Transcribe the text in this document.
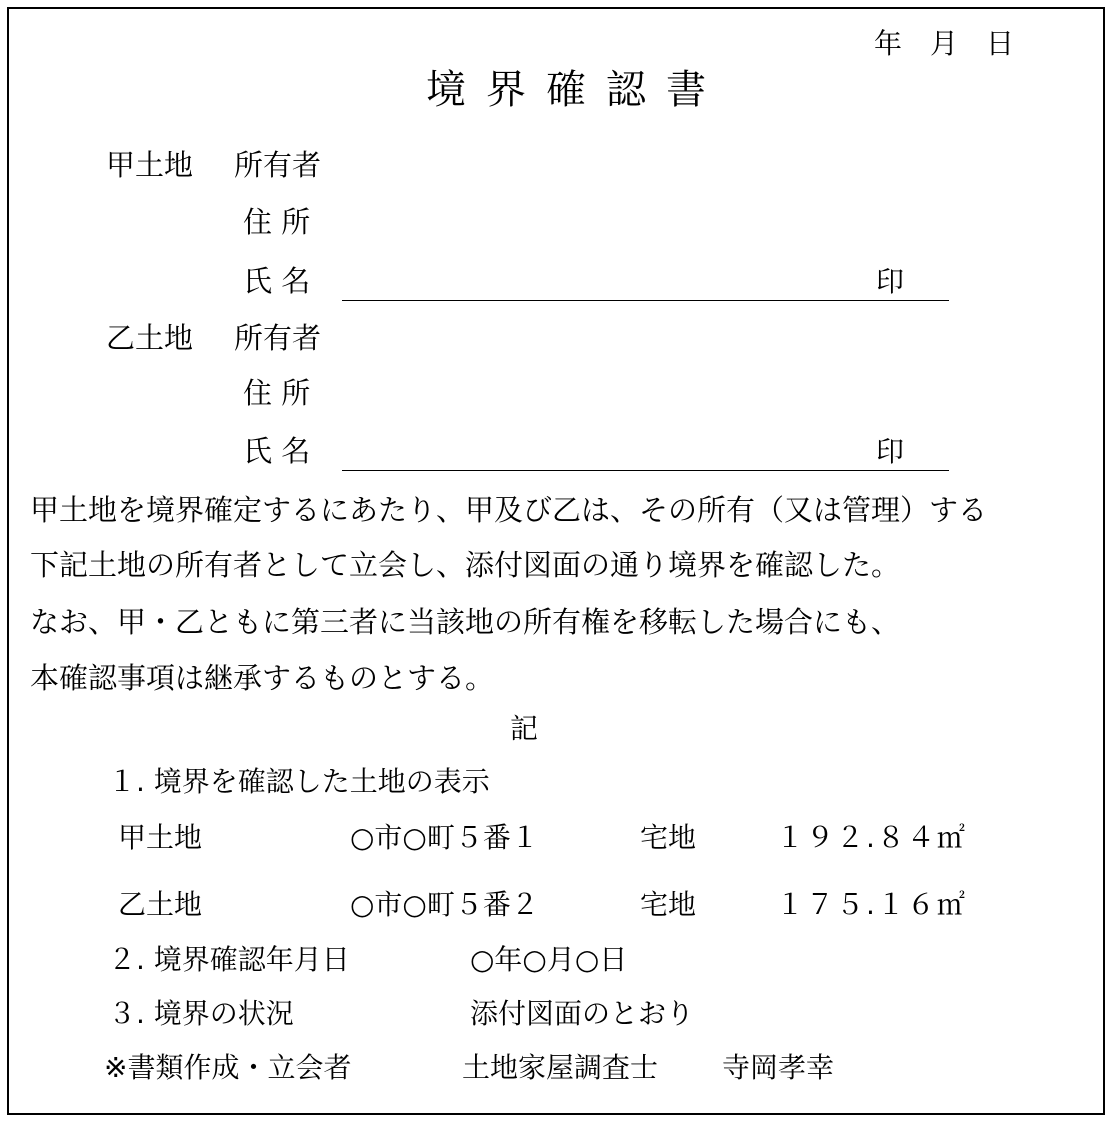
年　月　日
境界確認書
甲土地 所有者
住 所
氏 名	印
乙土地 所有者
住 所
氏 名	印
甲土地を境界確定するにあたり、甲及び乙は、その所有（又は管理）する
下記土地の所有者として立会し、添付図面の通り境界を確認した。
なお、甲・乙ともに第三者に当該地の所有権を移転した場合にも、
本確認事項は継承するものとする。
記
１. 境界を確認した土地の表示
甲土地	○市○町５番１	宅地	１９２.８４㎡
乙土地	○市○町５番２	宅地	１７５.１６㎡
２. 境界確認年月日	○年○月○日
３. 境界の状況	添付図面のとおり
※書類作成・立会者	土地家屋調査士 寺岡孝幸
